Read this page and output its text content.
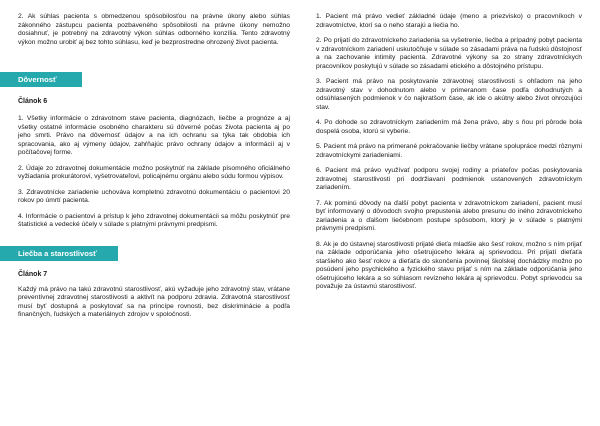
2. Ak súhlas pacienta s obmedzenou spôsobilosťou na právne úkony alebo súhlas zákonného zástupcu pacienta pozbaveného spôsobilosti na právne úkony nemožno dosiahnuť, je potrebný na zdravotný výkon súhlas odborného konzília. Tento zdravotný výkon možno urobiť aj bez tohto súhlasu, keď je bezprostredne ohrozený život pacienta.

Dôvernosť
Článok 6

1. Všetky informácie o zdravotnom stave pacienta, diagnózach, liečbe a prognóze a aj všetky ostatné informácie osobného charakteru sú dôverné počas života pacienta aj po jeho smrti. Právo na dôvernosť údajov a na ich ochranu sa týka tak obdobia ich spracovania, ako aj výmeny údajov, zahŕňajúc právo ochrany údajov a informácií aj v počítačovej forme.

2. Údaje zo zdravotnej dokumentácie možno poskytnúť na základe písomného oficiálneho vyžiadania prokurátorovi, vyšetrovateľovi, policajnému orgánu alebo súdu formou výpisov.

3. Zdravotnícke zariadenie uchováva kompletnú zdravotnú dokumentáciu o pacientovi 20 rokov po úmrtí pacienta.

4. Informácie o pacientovi a prístup k jeho zdravotnej dokumentácii sa môžu poskytnúť pre štatistické a vedecké účely v súlade s platnými právnymi predpismi.

Liečba a starostlivosť
Článok 7

Každý má právo na takú zdravotnú starostlivosť, akú vyžaduje jeho zdravotný stav, vrátane preventívnej zdravotnej starostlivosti a aktivít na podporu zdravia. Zdravotná starostlivosť musí byť dostupná a poskytovať sa na princípe rovnosti, bez diskriminácie a podľa finančných, ľudských a materiálnych zdrojov v spoločnosti.

1. Pacient má právo vedieť základné údaje (meno a priezvisko) o pracovníkoch v zdravotníctve, ktorí sa o neho starajú a liečia ho.

2. Po prijatí do zdravotníckeho zariadenia sa vyšetrenie, liečba a prípadný pobyt pacienta v zdravotníckom zariadení uskutočňuje v súlade so zásadami práva na ľudskú dôstojnosť a na zachovanie intimity pacienta. Zdravotné výkony sa zo strany zdravotníckych pracovníkov poskytujú v súlade so zásadami etického a dôstojného prístupu.

3. Pacient má právo na poskytovanie zdravotnej starostlivosti s ohľadom na jeho zdravotný stav v dohodnutom alebo v primeranom čase podľa dohodnutých a odsúhlasených podmienok v čo najkratšom čase, ak ide o akútny alebo život ohrozujúci stav.

4. Po dohode so zdravotníckym zariadením má žena právo, aby s ňou pri pôrode bola dospelá osoba, ktorú si vyberie.

5. Pacient má právo na primerané pokračovanie liečby vrátane spolupráce medzi rôznymi zdravotníckymi zariadeniami.

6. Pacient má právo využívať podporu svojej rodiny a priateľov počas poskytovania zdravotnej starostlivosti pri dodržiavaní podmienok ustanovených zdravotníckym zariadením.

7. Ak pominú dôvody na ďalší pobyt pacienta v zdravotníckom zariadení, pacient musí byť informovaný o dôvodoch svojho prepustenia alebo presunu do iného zdravotníckeho zariadenia a o ďalšom liečebnom postupe spôsobom, ktorý je v súlade s platnými právnymi predpismi.

8. Ak je do ústavnej starostlivosti prijaté dieťa mladšie ako šesť rokov, možno s ním prijať na základe odporúčania jeho ošetrujúceho lekára aj sprievodcu. Pri prijatí dieťaťa staršieho ako šesť rokov a dieťaťa do skončenia povinnej školskej dochádzky možno po posúdení jeho psychického a fyzického stavu prijať s ním na základe odporúčania jeho ošetrujúceho lekára a so súhlasom revízneho lekára aj sprievodcu. Pobyt sprievodcu sa považuje za ústavnú starostlivosť.
